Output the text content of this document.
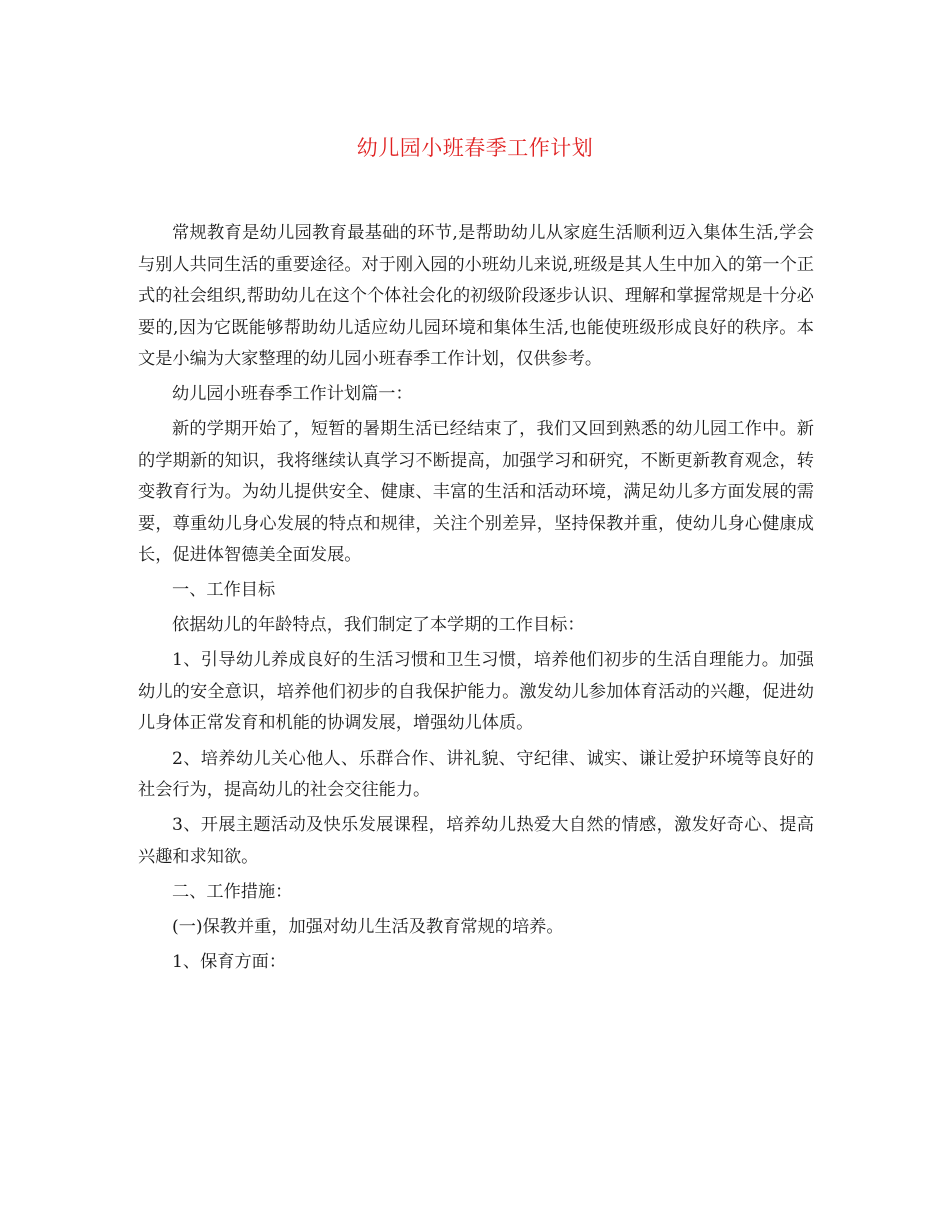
幼儿园小班春季工作计划

常规教育是幼儿园教育最基础的环节,是帮助幼儿从家庭生活顺利迈入集体生活,学会与别人共同生活的重要途径。对于刚入园的小班幼儿来说,班级是其人生中加入的第一个正式的社会组织,帮助幼儿在这个个体社会化的初级阶段逐步认识、理解和掌握常规是十分必要的,因为它既能够帮助幼儿适应幼儿园环境和集体生活,也能使班级形成良好的秩序。本文是小编为大家整理的幼儿园小班春季工作计划，仅供参考。

幼儿园小班春季工作计划篇一：

新的学期开始了，短暂的暑期生活已经结束了，我们又回到熟悉的幼儿园工作中。新的学期新的知识，我将继续认真学习不断提高，加强学习和研究，不断更新教育观念，转变教育行为。为幼儿提供安全、健康、丰富的生活和活动环境，满足幼儿多方面发展的需要，尊重幼儿身心发展的特点和规律，关注个别差异，坚持保教并重，使幼儿身心健康成长，促进体智德美全面发展。

一、工作目标

依据幼儿的年龄特点，我们制定了本学期的工作目标：

1、引导幼儿养成良好的生活习惯和卫生习惯，培养他们初步的生活自理能力。加强幼儿的安全意识，培养他们初步的自我保护能力。激发幼儿参加体育活动的兴趣，促进幼儿身体正常发育和机能的协调发展，增强幼儿体质。

2、培养幼儿关心他人、乐群合作、讲礼貌、守纪律、诚实、谦让爱护环境等良好的社会行为，提高幼儿的社会交往能力。

3、开展主题活动及快乐发展课程，培养幼儿热爱大自然的情感，激发好奇心、提高兴趣和求知欲。

二、工作措施：

(一)保教并重，加强对幼儿生活及教育常规的培养。

1、保育方面：
